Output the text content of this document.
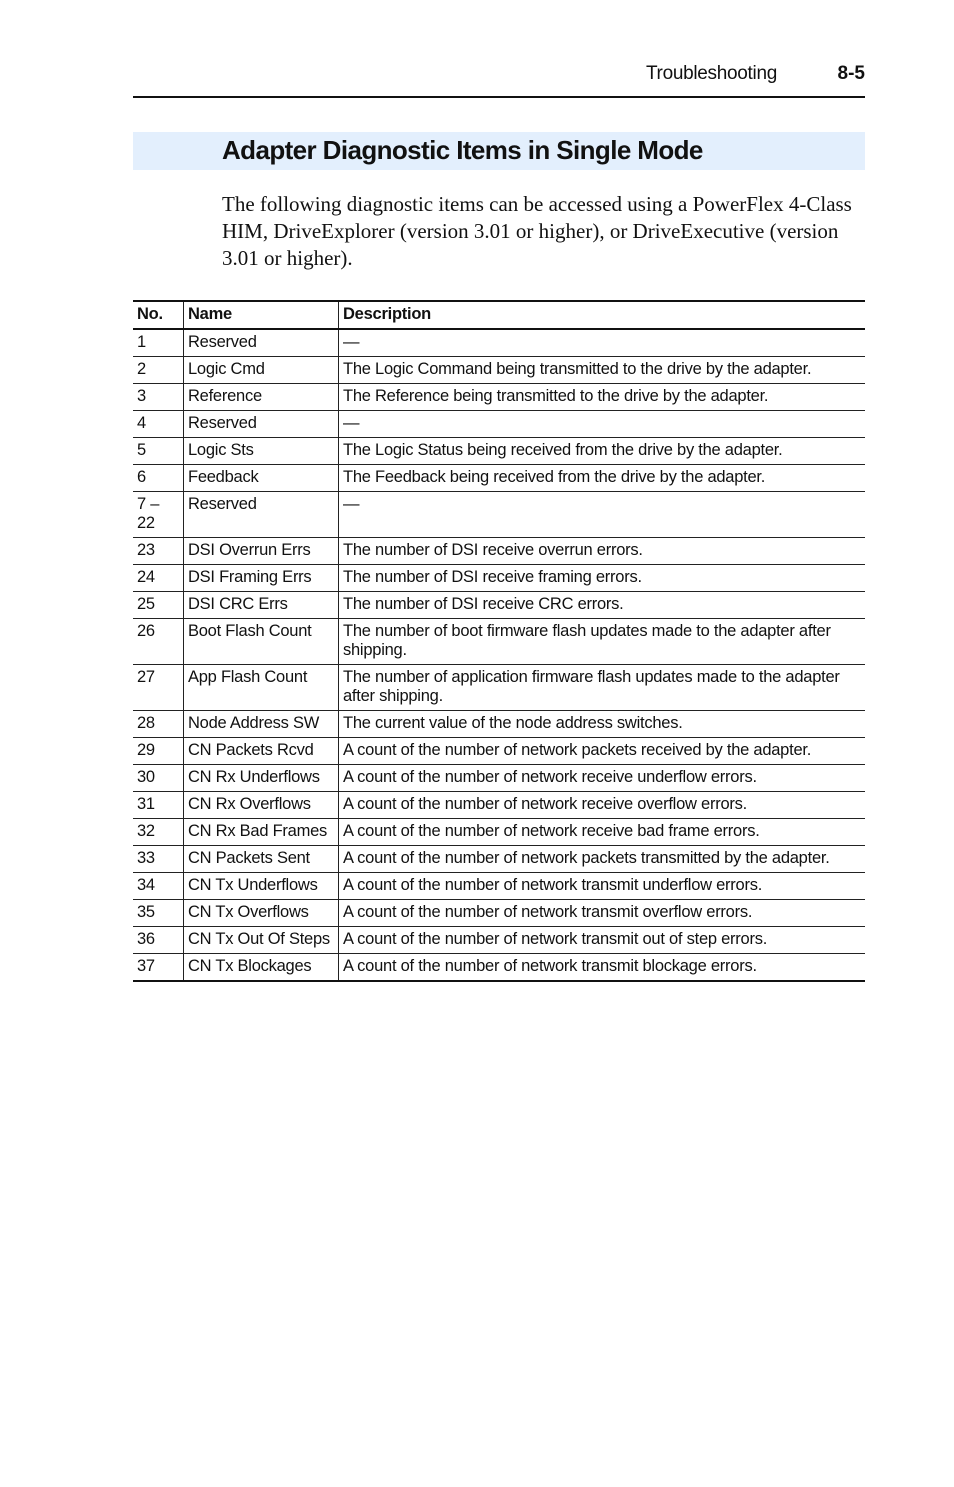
Troubleshooting	8-5
Adapter Diagnostic Items in Single Mode

The following diagnostic items can be accessed using a PowerFlex 4-Class HIM, DriveExplorer (version 3.01 or higher), or DriveExecutive (version 3.01 or higher).

No.	Name	Description
1	Reserved	—
2	Logic Cmd	The Logic Command being transmitted to the drive by the adapter.
3	Reference	The Reference being transmitted to the drive by the adapter.
4	Reserved	—
5	Logic Sts	The Logic Status being received from the drive by the adapter.
6	Feedback	The Feedback being received from the drive by the adapter.
7 – 22	Reserved	—
23	DSI Overrun Errs	The number of DSI receive overrun errors.
24	DSI Framing Errs	The number of DSI receive framing errors.
25	DSI CRC Errs	The number of DSI receive CRC errors.
26	Boot Flash Count	The number of boot firmware flash updates made to the adapter after shipping.
27	App Flash Count	The number of application firmware flash updates made to the adapter after shipping.
28	Node Address SW	The current value of the node address switches.
29	CN Packets Rcvd	A count of the number of network packets received by the adapter.
30	CN Rx Underflows	A count of the number of network receive underflow errors.
31	CN Rx Overflows	A count of the number of network receive overflow errors.
32	CN Rx Bad Frames	A count of the number of network receive bad frame errors.
33	CN Packets Sent	A count of the number of network packets transmitted by the adapter.
34	CN Tx Underflows	A count of the number of network transmit underflow errors.
35	CN Tx Overflows	A count of the number of network transmit overflow errors.
36	CN Tx Out Of Steps	A count of the number of network transmit out of step errors.
37	CN Tx Blockages	A count of the number of network transmit blockage errors.
